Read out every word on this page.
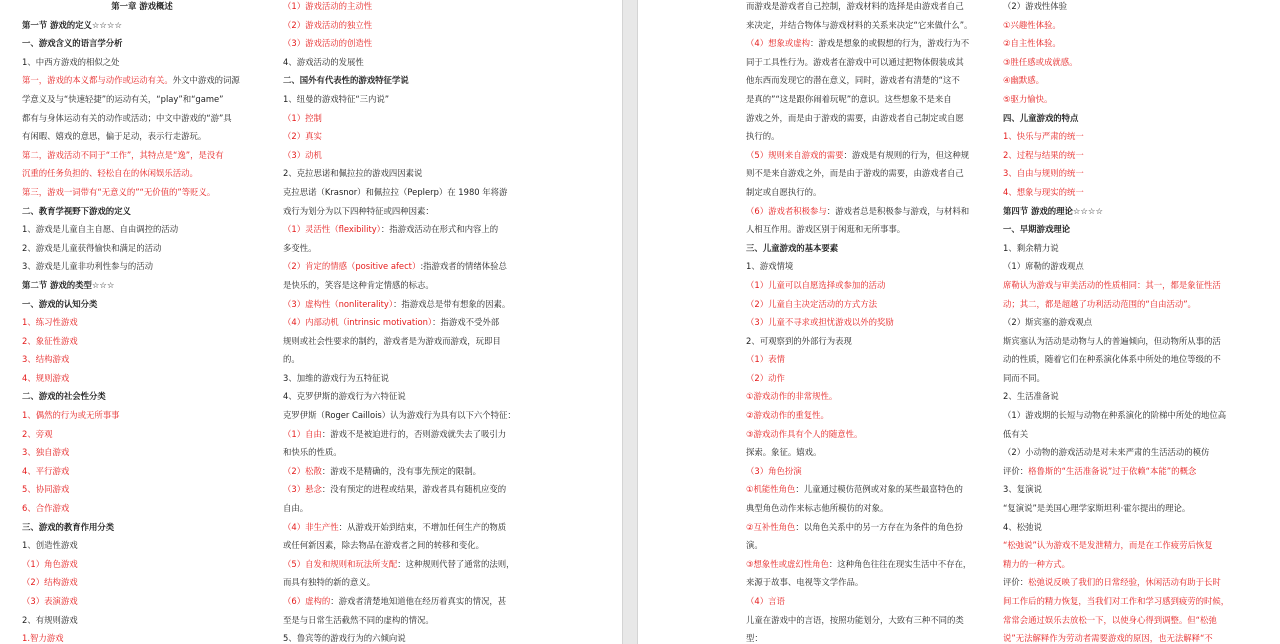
第一章 游戏概述
第一节 游戏的定义☆☆☆☆
一、游戏含义的语言学分析
1、中西方游戏的相似之处
第一，游戏的本义都与动作或运动有关。外文中游戏的词源
学意义及与“快速轻捷”的运动有关，“play”和“game”
都有与身体运动有关的动作或活动；中文中游戏的“游”具
有闲暇、嬉戏的意思，偏于足动，表示行走游玩。
第二，游戏活动不同于“工作”，其特点是“逸”，是没有
沉重的任务负担的、轻松自在的休闲娱乐活动。
第三，游戏一词带有“无意义的”“无价值的”等贬义。
二、教育学视野下游戏的定义
1、游戏是儿童自主自愿、自由调控的活动
2、游戏是儿童获得愉快和满足的活动
3、游戏是儿童非功利性参与的活动
第二节 游戏的类型☆☆☆
一、游戏的认知分类
1、练习性游戏
2、象征性游戏
3、结构游戏
4、规则游戏
二、游戏的社会性分类
1、偶然的行为或无所事事
2、旁观
3、独自游戏
4、平行游戏
5、协同游戏
6、合作游戏
三、游戏的教育作用分类
1、创造性游戏
（1）角色游戏
（2）结构游戏
（3）表演游戏
2、有规则游戏
1.智力游戏
（1）游戏活动的主动性
（2）游戏活动的独立性
（3）游戏活动的创造性
4、游戏活动的发展性
二、国外有代表性的游戏特征学说
1、纽曼的游戏特征“三内说”
（1）控制
（2）真实
（3）动机
2、克拉思诺和佩拉拉的游戏四因素说
克拉思诺（Krasnor）和佩拉拉（Peplerp）在 1980 年将游
戏行为划分为以下四种特征或四种因素：
（1）灵活性（flexibility）：指游戏活动在形式和内容上的
多变性。
（2）肯定的情感（positive afect）:指游戏者的情绪体验总
是快乐的，笑容是这种肯定情感的标志。
（3）虚构性（nonliterality）：指游戏总是带有想象的因素。
（4）内部动机（intrinsic motivation）：指游戏不受外部
规则或社会性要求的制约，游戏者是为游戏而游戏，玩即目
的。
3、加维的游戏行为五特征说
4、克罗伊斯的游戏行为六特征说
克罗伊斯（Roger Caillois）认为游戏行为具有以下六个特征：
（1）自由：游戏不是被迫进行的，否则游戏就失去了吸引力
和快乐的性质。
（2）松散：游戏不是精确的，没有事先预定的限制。
（3）悬念：没有预定的进程或结果，游戏者具有随机应变的
自由。
（4）非生产性：从游戏开始到结束，不增加任何生产的物质
或任何新因素，除去物品在游戏者之间的转移和变化。
（5）自发和规则和玩法所支配：这种规则代替了通常的法则，
而具有独特的新的意义。
（6）虚构的：游戏者清楚地知道他在经历着真实的情况，甚
至是与日常生活截然不同的虚构的情况。
5、鲁宾等的游戏行为的六倾向说
而游戏是游戏者自己控制，游戏材料的选择是由游戏者自己
来决定，并结合物体与游戏材料的关系来决定“它来做什么”。
（4）想象或虚构：游戏是想象的或假想的行为，游戏行为不
同于工具性行为。游戏者在游戏中可以通过把物体假装成其
他东西而发现它的潜在意义，同时，游戏者有清楚的“这不
是真的”“这是跟你闹着玩呢”的意识。这些想象不是来自
游戏之外，而是由于游戏的需要，由游戏者自己制定或自愿
执行的。
（5）规则来自游戏的需要：游戏是有规则的行为，但这种规
则不是来自游戏之外，而是由于游戏的需要，由游戏者自己
制定或自愿执行的。
（6）游戏者积极参与：游戏者总是积极参与游戏，与材料和
人相互作用。游戏区别于闲逛和无所事事。
三、儿童游戏的基本要素
1、游戏情境
（1）儿童可以自愿选择或参加的活动
（2）儿童自主决定活动的方式方法
（3）儿童不寻求或担忧游戏以外的奖励
2、可观察到的外部行为表现
（1）表情
（2）动作
①游戏动作的非常规性。
②游戏动作的重复性。
③游戏动作具有个人的随意性。
探索。象征。嬉戏。
（3）角色扮演
①机能性角色：儿童通过模仿范例或对象的某些最富特色的
典型角色动作来标志他所模仿的对象。
②互补性角色：以角色关系中的另一方存在为条件的角色扮
演。
③想象性或虚幻性角色：这种角色往往在现实生活中不存在，
来源于故事、电视等文学作品。
（4）言语
儿童在游戏中的言语，按照功能划分，大致有三种不同的类
型：
（2）游戏性体验
①兴趣性体验。
②自主性体验。
③胜任感或成就感。
④幽默感。
⑤驱力愉快。
四、儿童游戏的特点
1、快乐与严肃的统一
2、过程与结果的统一
3、自由与规则的统一
4、想象与现实的统一
第四节 游戏的理论☆☆☆☆
一、早期游戏理论
1、剩余精力说
（1）席勒的游戏观点
席勒认为游戏与审美活动的性质相同：其一，都是象征性活
动；其二，都是超越了功利活动范围的“自由活动”。
（2）斯宾塞的游戏观点
斯宾塞认为活动是动物与人的普遍倾向，但动物所从事的活
动的性质，随着它们在种系演化体系中所处的地位等级的不
同而不同。
2、生活准备说
（1）游戏期的长短与动物在种系演化的阶梯中所处的地位高
低有关
（2）小动物的游戏活动是对未来严肃的生活活动的模仿
评价：格鲁斯的“生活准备说”过于依赖“本能”的概念
3、复演说
“复演说”是美国心理学家斯坦利·霍尔提出的理论。
4、松弛说
“松弛说”认为游戏不是发泄精力，而是在工作疲劳后恢复
精力的一种方式。
评价：松弛说反映了我们的日常经验，休闲活动有助于长时
间工作后的精力恢复，当我们对工作和学习感到疲劳的时候，
常常会通过娱乐去放松一下，以使身心得到调整。但“松弛
说”无法解释作为劳动者需要游戏的原因，也无法解释“不
